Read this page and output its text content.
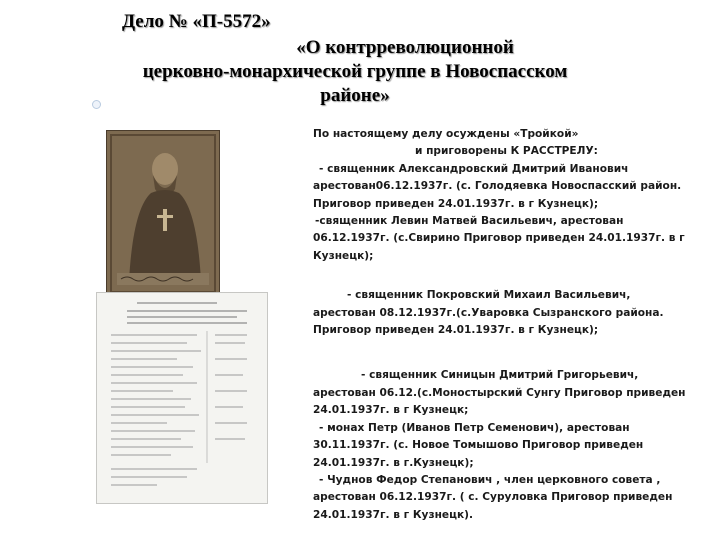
Дело № «П-5572»
«О контрреволюционной
церковно-монархической группе в Новоспасском
районе»

По настоящему делу осуждены «Тройкой»

и приговорены К РАССТРЕЛУ:

- священник Александровский Дмитрий Иванович арестован06.12.1937г. (с. Голодяевка Новоспасский район. Приговор приведен 24.01.1937г. в г Кузнецк);

-священник Левин Матвей Васильевич, арестован 06.12.1937г. (с.Свирино Приговор приведен 24.01.1937г. в г Кузнецк);

- священник Покровский Михаил Васильевич, арестован 08.12.1937г.(с.Уваровка Сызранского района. Приговор приведен 24.01.1937г. в г Кузнецк);

- священник Синицын Дмитрий Григорьевич, арестован 06.12.(с.Моностырский Сунгу Приговор приведен 24.01.1937г. в г Кузнецк;

- монах Петр (Иванов Петр Семенович), арестован 30.11.1937г. (с. Новое Томышово Приговор приведен 24.01.1937г. в г.Кузнецк);

- Чуднов Федор Степанович , член церковного совета , арестован 06.12.1937г. ( с. Суруловка Приговор приведен 24.01.1937г. в г Кузнецк).
